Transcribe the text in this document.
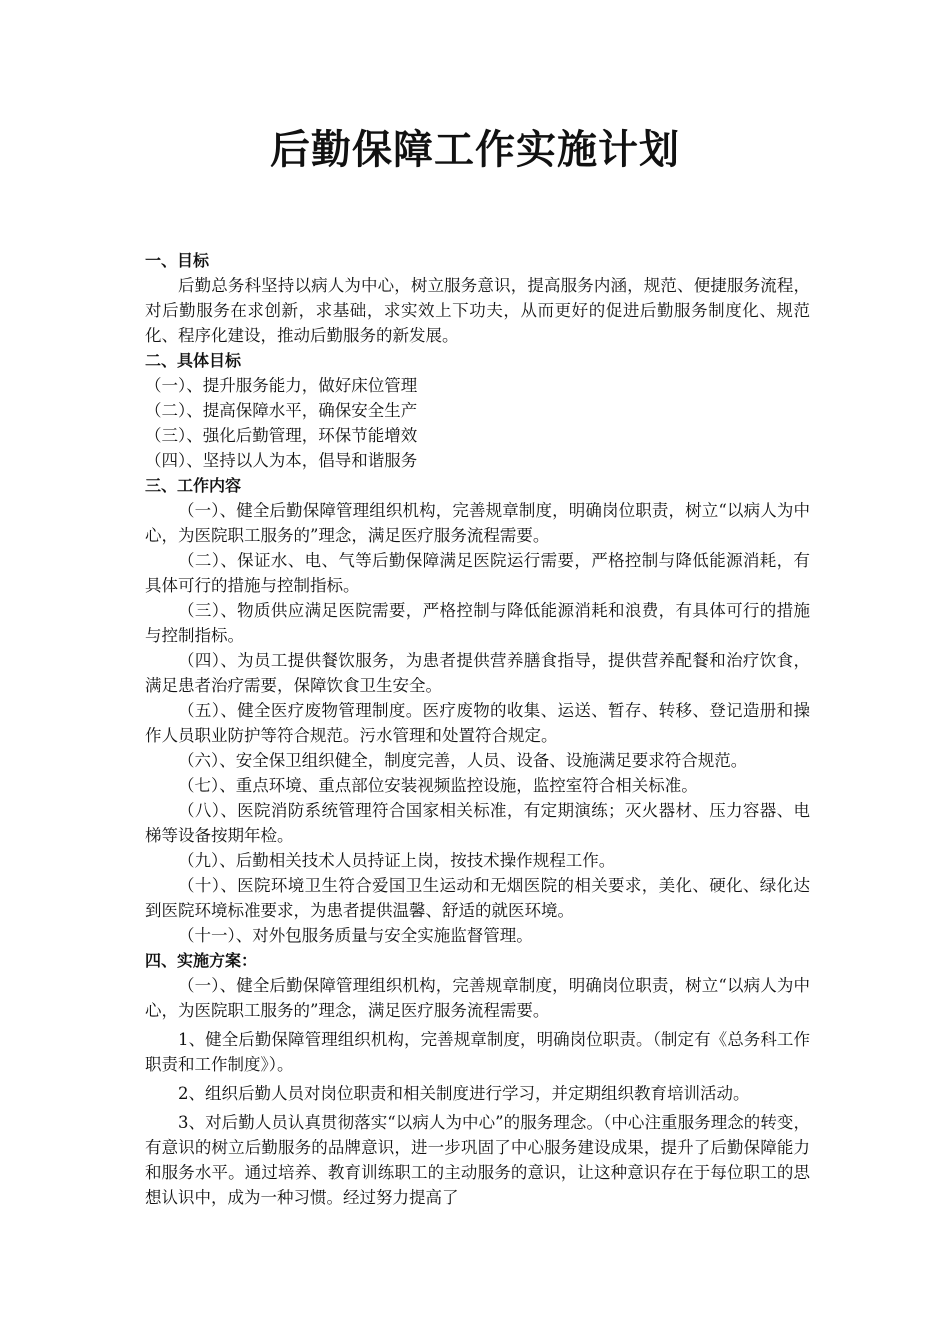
后勤保障工作实施计划

一、目标

后勤总务科坚持以病人为中心，树立服务意识，提高服务内涵，规范、便捷服务流程，对后勤服务在求创新，求基础，求实效上下功夫，从而更好的促进后勤服务制度化、规范化、程序化建设，推动后勤服务的新发展。

二、具体目标

（一）、提升服务能力，做好床位管理

（二）、提高保障水平，确保安全生产

（三）、强化后勤管理，环保节能增效

（四）、坚持以人为本，倡导和谐服务

三、工作内容

（一）、健全后勤保障管理组织机构，完善规章制度，明确岗位职责，树立“以病人为中心，为医院职工服务的”理念，满足医疗服务流程需要。

（二）、保证水、电、气等后勤保障满足医院运行需要，严格控制与降低能源消耗，有具体可行的措施与控制指标。

（三）、物质供应满足医院需要，严格控制与降低能源消耗和浪费，有具体可行的措施与控制指标。

（四）、为员工提供餐饮服务，为患者提供营养膳食指导，提供营养配餐和治疗饮食，满足患者治疗需要，保障饮食卫生安全。

（五）、健全医疗废物管理制度。医疗废物的收集、运送、暂存、转移、登记造册和操作人员职业防护等符合规范。污水管理和处置符合规定。

（六）、安全保卫组织健全，制度完善，人员、设备、设施满足要求符合规范。

（七）、重点环境、重点部位安装视频监控设施，监控室符合相关标准。

（八）、医院消防系统管理符合国家相关标准，有定期演练；灭火器材、压力容器、电梯等设备按期年检。

（九）、后勤相关技术人员持证上岗，按技术操作规程工作。

（十）、医院环境卫生符合爱国卫生运动和无烟医院的相关要求，美化、硬化、绿化达到医院环境标准要求，为患者提供温馨、舒适的就医环境。

（十一）、对外包服务质量与安全实施监督管理。

四、实施方案：

（一）、健全后勤保障管理组织机构，完善规章制度，明确岗位职责，树立“以病人为中心，为医院职工服务的”理念，满足医疗服务流程需要。

1、健全后勤保障管理组织机构，完善规章制度，明确岗位职责。（制定有《总务科工作职责和工作制度》）。

2、组织后勤人员对岗位职责和相关制度进行学习，并定期组织教育培训活动。

3、对后勤人员认真贯彻落实“以病人为中心”的服务理念。（中心注重服务理念的转变，有意识的树立后勤服务的品牌意识，进一步巩固了中心服务建设成果，提升了后勤保障能力和服务水平。通过培养、教育训练职工的主动服务的意识，让这种意识存在于每位职工的思想认识中，成为一种习惯。经过努力提高了
